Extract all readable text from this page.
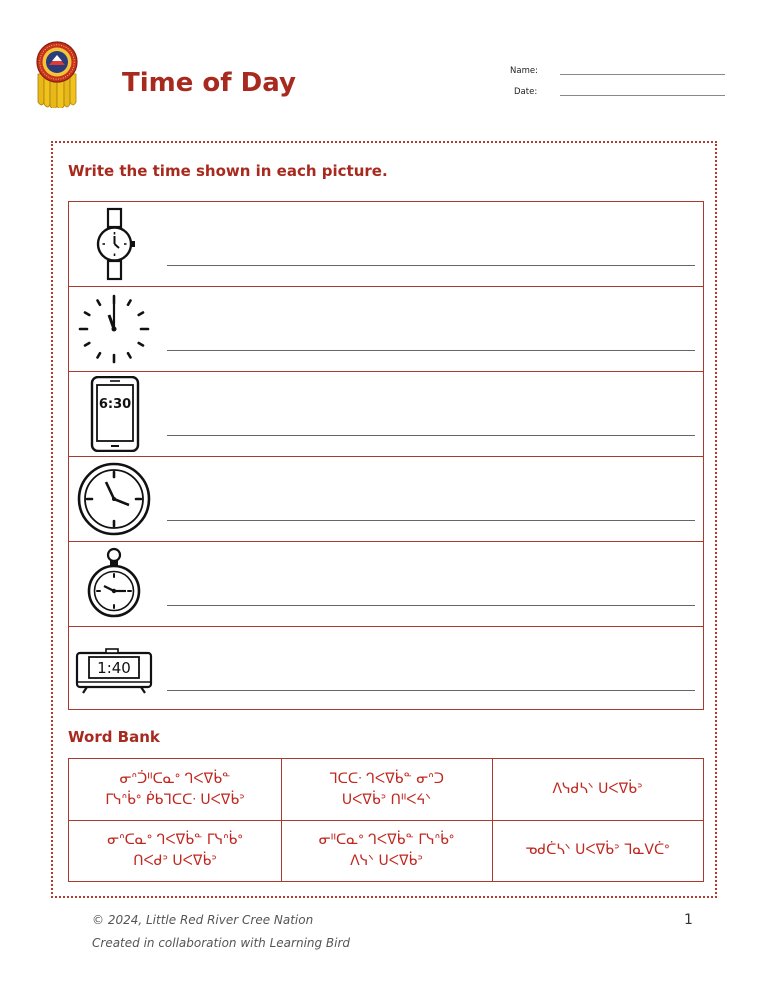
Time of Day	Name:
Date:
Write the time shown in each picture.
6:30
1:40
Word Bank
ᓂᐢᑑᐦᑕᓇᐤ ᒉᐸᐁᑳᓐ
ᒥᓭᐢᑳᐤ ᑮᑲᒣᑕᑕᐧ ᑌᐸᐁᑳᐣ
ᒣᑕᑕᐧ ᒉᐸᐁᑳᓐ ᓂᐢᑐ
ᑌᐸᐁᑳᐣ ᑎᐦᐸᔦᐠ
ᐱᓭᑯᓴᐠ ᑌᐸᐁᑳᐣ
ᓂᐢᑕᓇᐤ ᒉᐸᐁᑳᓐ ᒥᓭᐢᑳᐤ
ᑎᐸᑯᐣ ᑌᐸᐁᑳᐣ
ᓂᐦᑕᓇᐤ ᒉᐸᐁᑳᓐ ᒥᓭᐢᑳᐤ
ᐱᓭᐠ ᑌᐸᐁᑳᐣ
ᓀᑯᑖᓴᐠ ᑌᐸᐁᑳᐣ ᒣᓇᐯᑖᐤ
© 2024, Little Red River Cree Nation
Created in collaboration with Learning Bird
1
